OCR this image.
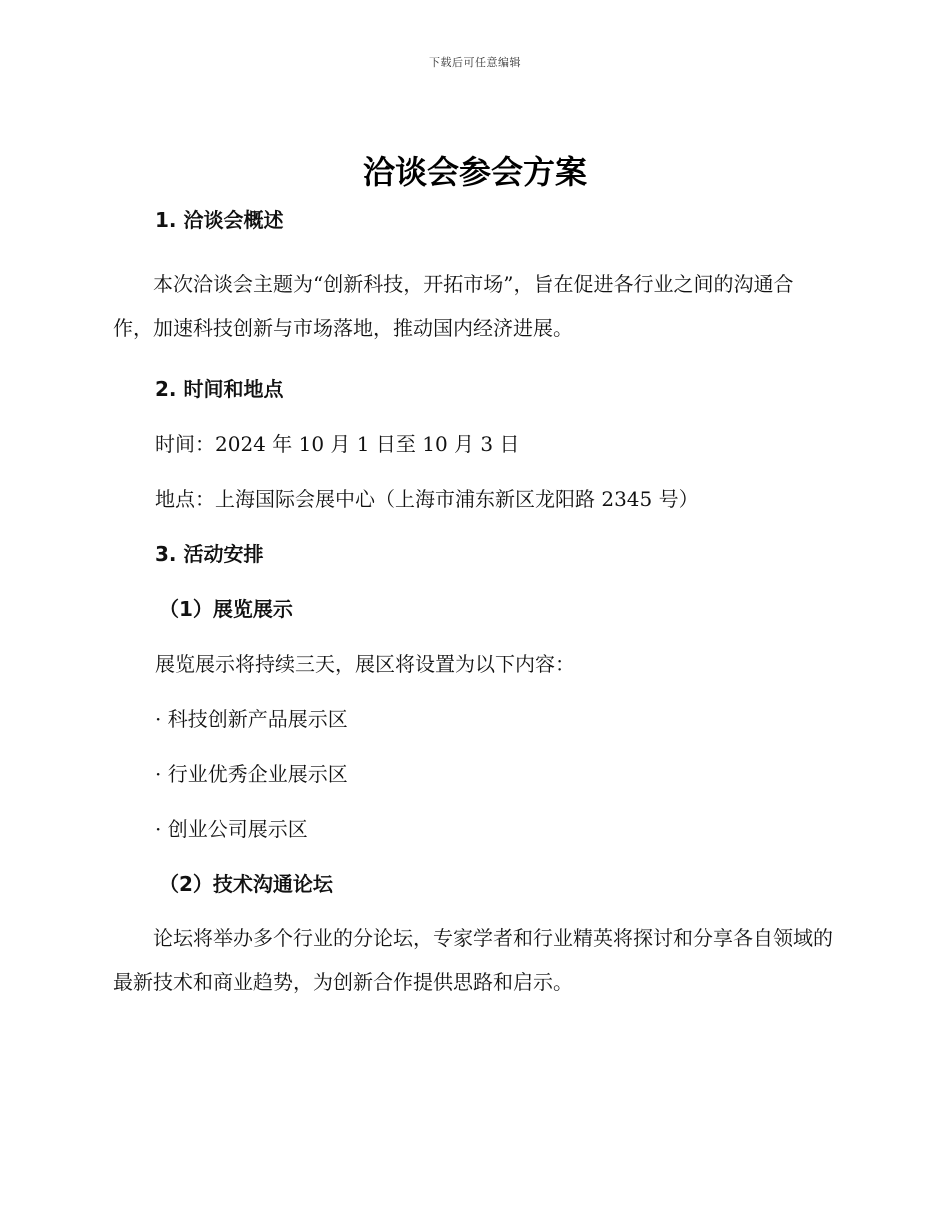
下载后可任意编辑
洽谈会参会方案

1. 洽谈会概述

本次洽谈会主题为“创新科技，开拓市场”，旨在促进各行业之间的沟通合作，加速科技创新与市场落地，推动国内经济进展。

2. 时间和地点

时间：2024 年 10 月 1 日至 10 月 3 日

地点：上海国际会展中心（上海市浦东新区龙阳路 2345 号）

3. 活动安排

（1）展览展示

展览展示将持续三天，展区将设置为以下内容：

· 科技创新产品展示区

· 行业优秀企业展示区

· 创业公司展示区

（2）技术沟通论坛

论坛将举办多个行业的分论坛，专家学者和行业精英将探讨和分享各自领域的最新技术和商业趋势，为创新合作提供思路和启示。
